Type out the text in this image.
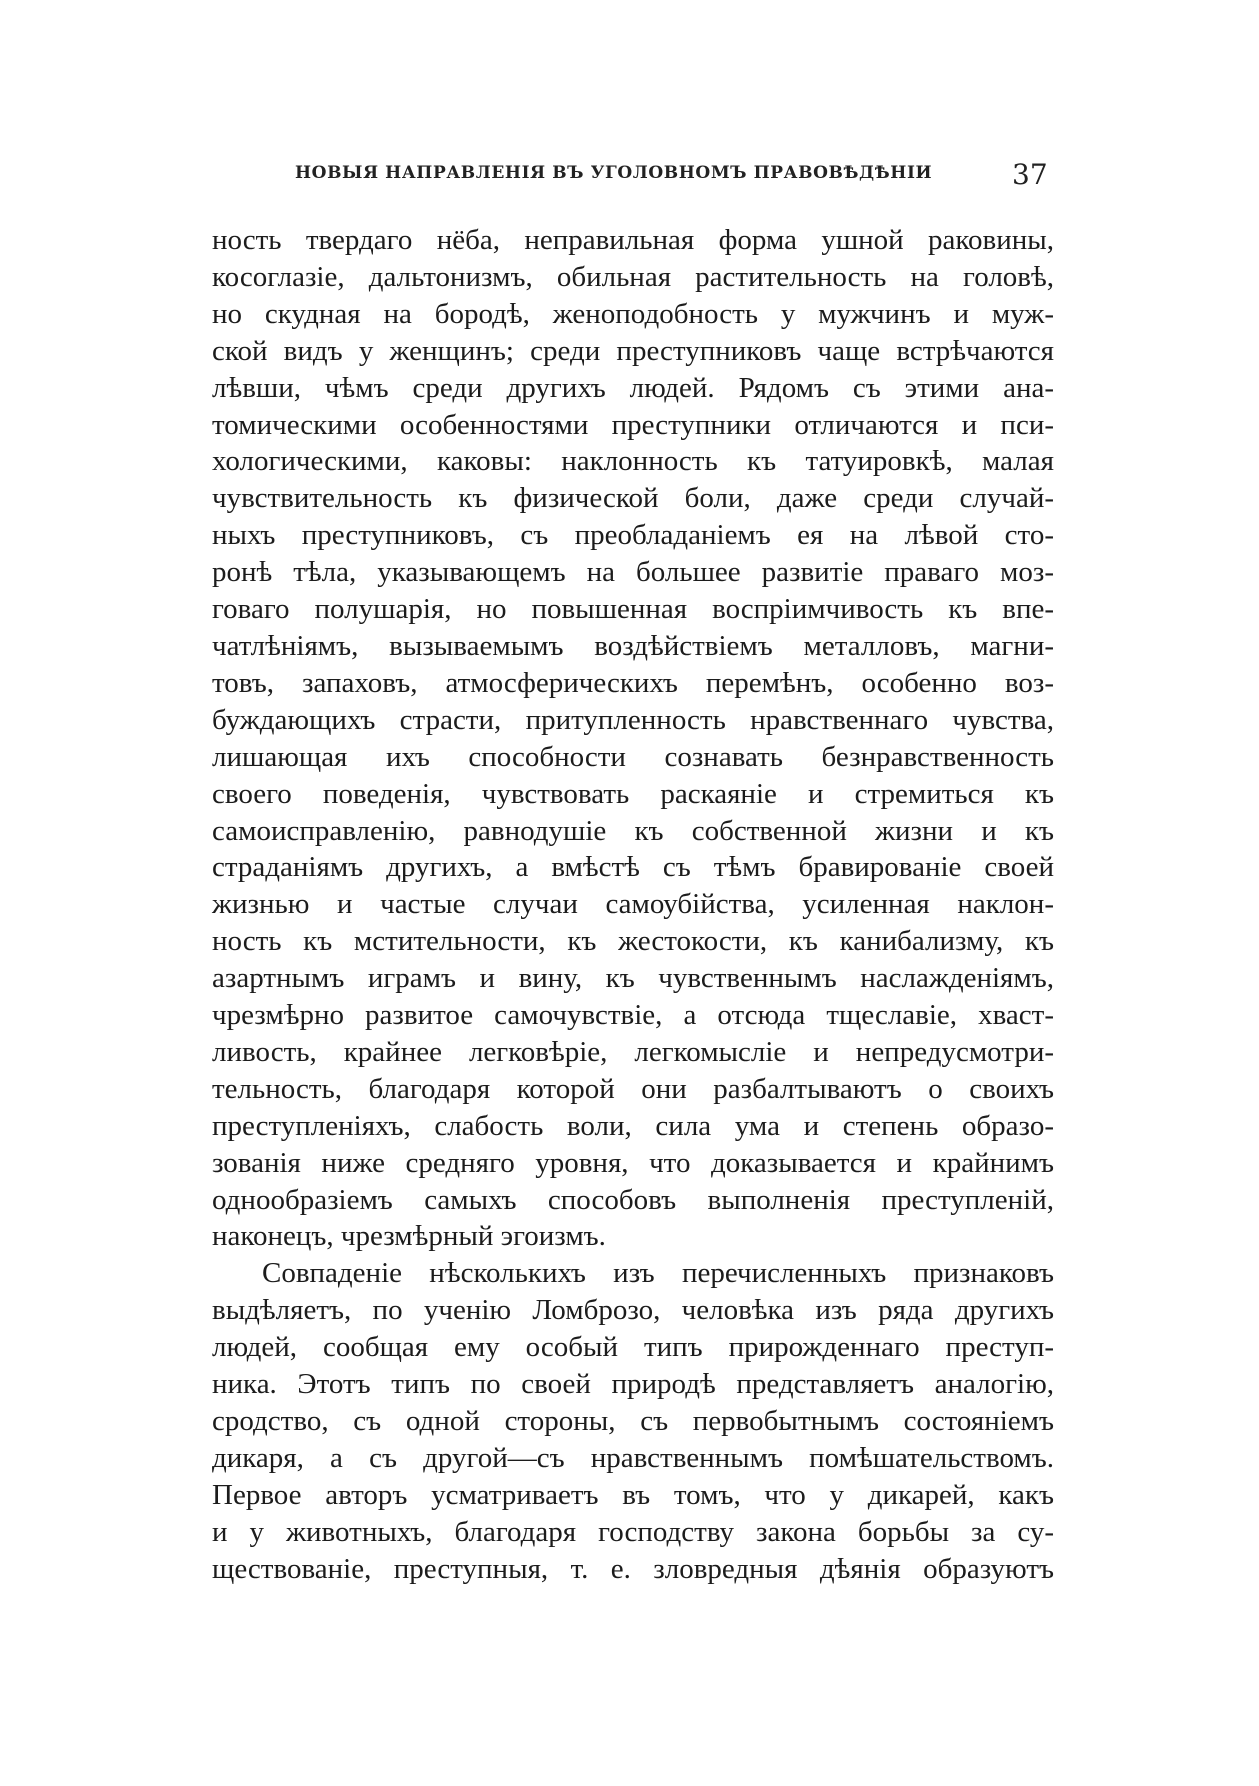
НОВЫЯ НАПРАВЛЕНІЯ ВЪ УГОЛОВНОМЪ ПРАВОВѢДѢНІИ	37
ность твердаго нёба, неправильная форма ушной раковины,
косоглазіе, дальтонизмъ, обильная растительность на головѣ,
но скудная на бородѣ, женоподобность у мужчинъ и муж-
ской видъ у женщинъ; среди преступниковъ чаще встрѣчаются
лѣвши, чѣмъ среди другихъ людей. Рядомъ съ этими ана-
томическими особенностями преступники отличаются и пси-
хологическими, каковы: наклонность къ татуировкѣ, малая
чувствительность къ физической боли, даже среди случай-
ныхъ преступниковъ, съ преобладаніемъ ея на лѣвой сто-
ронѣ тѣла, указывающемъ на большее развитіе праваго моз-
говаго полушарія, но повышенная воспріимчивость къ впе-
чатлѣніямъ, вызываемымъ воздѣйствіемъ металловъ, магни-
товъ, запаховъ, атмосферическихъ перемѣнъ, особенно воз-
буждающихъ страсти, притупленность нравственнаго чувства,
лишающая ихъ способности сознавать безнравственность
своего поведенія, чувствовать раскаяніе и стремиться къ
самоисправленію, равнодушіе къ собственной жизни и къ
страданіямъ другихъ, а вмѣстѣ съ тѣмъ бравированіе своей
жизнью и частые случаи самоубійства, усиленная наклон-
ность къ мстительности, къ жестокости, къ канибализму, къ
азартнымъ играмъ и вину, къ чувственнымъ наслажденіямъ,
чрезмѣрно развитое самочувствіе, а отсюда тщеславіе, хваст-
ливость, крайнее легковѣріе, легкомысліе и непредусмотри-
тельность, благодаря которой они разбалтываютъ о своихъ
преступленіяхъ, слабость воли, сила ума и степень образо-
зованія ниже средняго уровня, что доказывается и крайнимъ
однообразіемъ самыхъ способовъ выполненія преступленій,
наконецъ, чрезмѣрный эгоизмъ.
Совпаденіе нѣсколькихъ изъ перечисленныхъ признаковъ
выдѣляетъ, по ученію Ломброзо, человѣка изъ ряда другихъ
людей, сообщая ему особый типъ прирожденнаго преступ-
ника. Этотъ типъ по своей природѣ представляетъ аналогію,
сродство, съ одной стороны, съ первобытнымъ состояніемъ
дикаря, а съ другой—съ нравственнымъ помѣшательствомъ.
Первое авторъ усматриваетъ въ томъ, что у дикарей, какъ
и у животныхъ, благодаря господству закона борьбы за су-
ществованіе, преступныя, т. е. зловредныя дѣянія образуютъ
